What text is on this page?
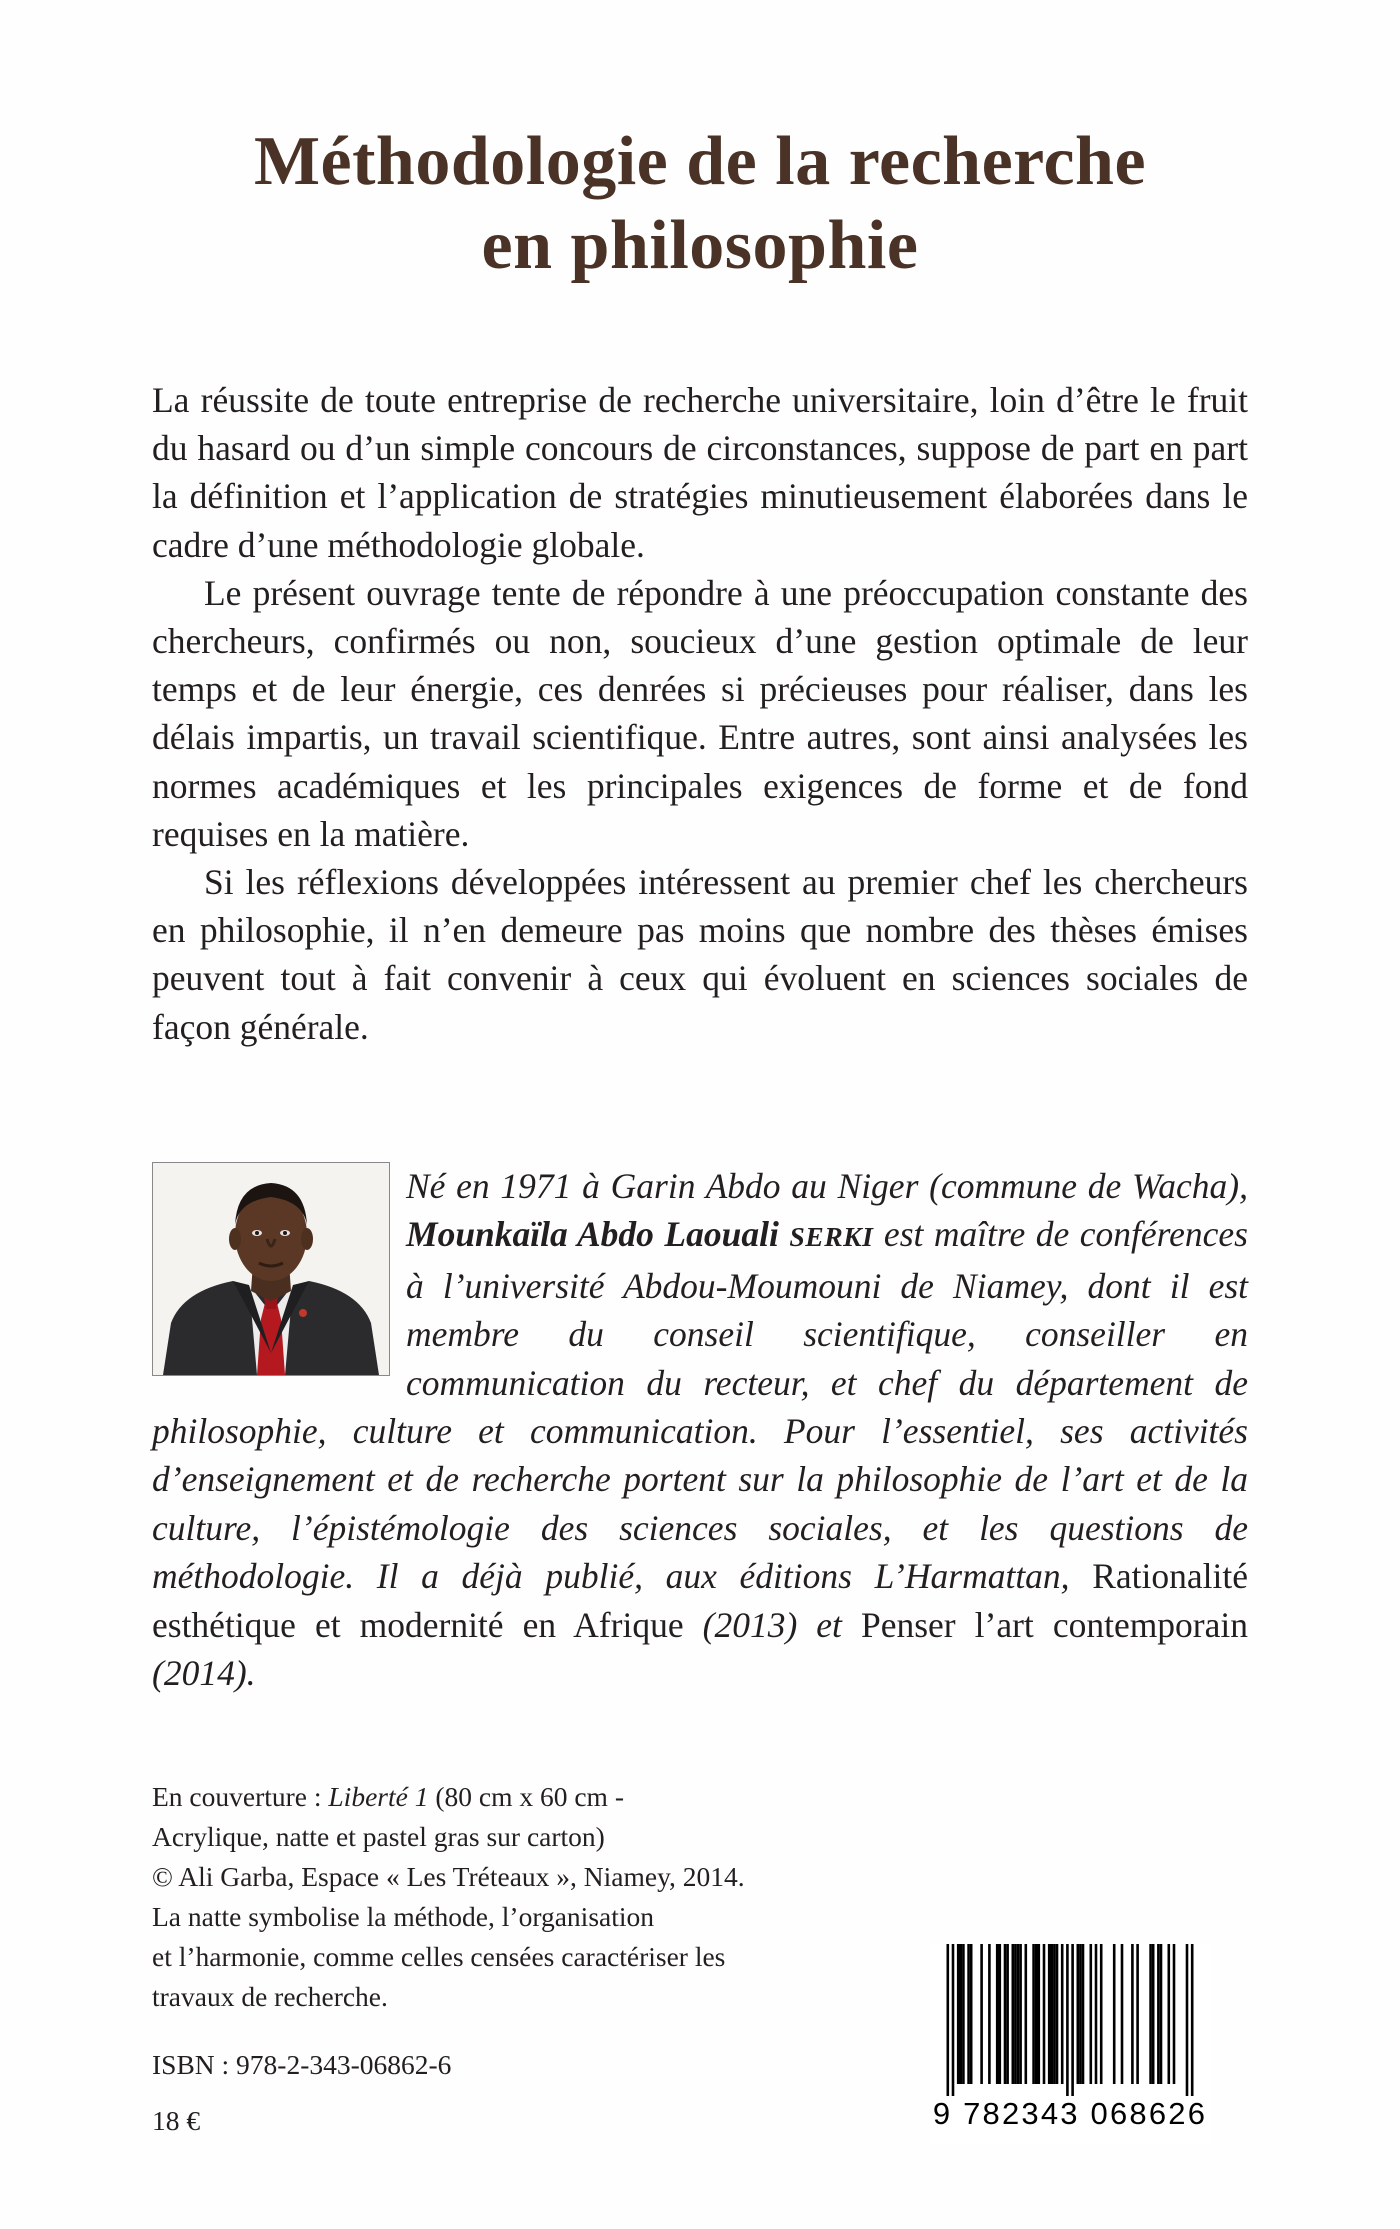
Méthodologie de la recherche
en philosophie

La réussite de toute entreprise de recherche universitaire, loin d’être le fruit du hasard ou d’un simple concours de circonstances, suppose de part en part la définition et l’application de stratégies minutieusement élaborées dans le cadre d’une méthodologie globale.

Le présent ouvrage tente de répondre à une préoccupation constante des chercheurs, confirmés ou non, soucieux d’une gestion optimale de leur temps et de leur énergie, ces denrées si précieuses pour réaliser, dans les délais impartis, un travail scientifique. Entre autres, sont ainsi analysées les normes académiques et les principales exigences de forme et de fond requises en la matière.

Si les réflexions développées intéressent au premier chef les chercheurs en philosophie, il n’en demeure pas moins que nombre des thèses émises peuvent tout à fait convenir à ceux qui évoluent en sciences sociales de façon générale.

Né en 1971 à Garin Abdo au Niger (commune de Wacha), Mounkaïla Abdo Laouali SERKI est maître de conférences à l’université Abdou-Moumouni de Niamey, dont il est membre du conseil scientifique, conseiller en communication du recteur, et chef du département de philosophie, culture et communication. Pour l’essentiel, ses activités d’enseignement et de recherche portent sur la philosophie de l’art et de la culture, l’épistémologie des sciences sociales, et les questions de méthodologie. Il a déjà publié, aux éditions L’Harmattan, Rationalité esthétique et modernité en Afrique (2013) et Penser l’art contemporain (2014).
En couverture : Liberté 1 (80 cm x 60 cm -
Acrylique, natte et pastel gras sur carton)
© Ali Garba, Espace « Les Tréteaux », Niamey, 2014.
La natte symbolise la méthode, l’organisation
et l’harmonie, comme celles censées caractériser les
travaux de recherche.
ISBN : 978-2-343-06862-6
18 €	9 782343 068626
